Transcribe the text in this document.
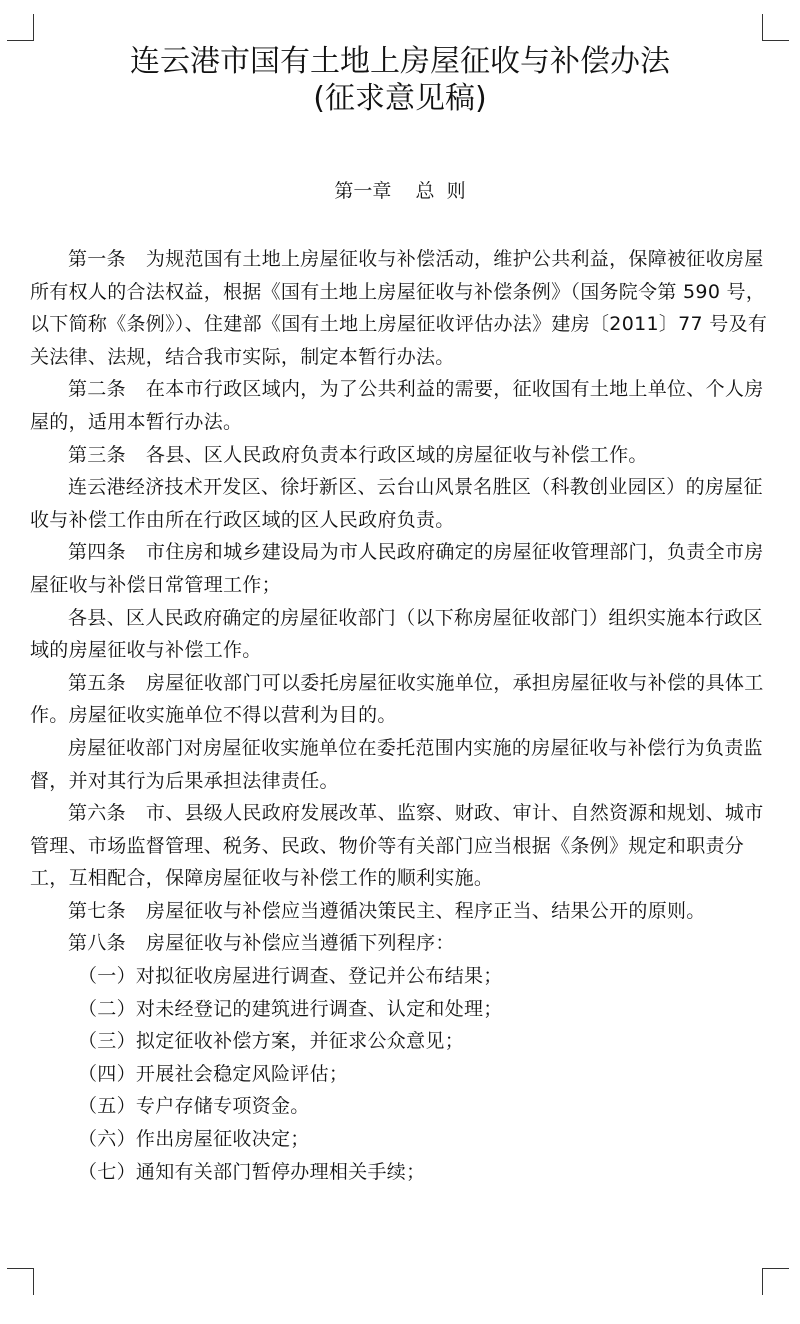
连云港市国有土地上房屋征收与补偿办法
(征求意见稿)
第一章    总  则

第一条 为规范国有土地上房屋征收与补偿活动，维护公共利益，保障被征收房屋所有权人的合法权益，根据《国有土地上房屋征收与补偿条例》（国务院令第 590 号，以下简称《条例》）、住建部《国有土地上房屋征收评估办法》建房〔2011〕77 号及有关法律、法规，结合我市实际，制定本暂行办法。

第二条 在本市行政区域内，为了公共利益的需要，征收国有土地上单位、个人房屋的，适用本暂行办法。

第三条 各县、区人民政府负责本行政区域的房屋征收与补偿工作。

连云港经济技术开发区、徐圩新区、云台山风景名胜区（科教创业园区）的房屋征收与补偿工作由所在行政区域的区人民政府负责。

第四条 市住房和城乡建设局为市人民政府确定的房屋征收管理部门，负责全市房屋征收与补偿日常管理工作；

各县、区人民政府确定的房屋征收部门（以下称房屋征收部门）组织实施本行政区域的房屋征收与补偿工作。

第五条 房屋征收部门可以委托房屋征收实施单位，承担房屋征收与补偿的具体工作。房屋征收实施单位不得以营利为目的。

房屋征收部门对房屋征收实施单位在委托范围内实施的房屋征收与补偿行为负责监督，并对其行为后果承担法律责任。

第六条 市、县级人民政府发展改革、监察、财政、审计、自然资源和规划、城市管理、市场监督管理、税务、民政、物价等有关部门应当根据《条例》规定和职责分工，互相配合，保障房屋征收与补偿工作的顺利实施。

第七条 房屋征收与补偿应当遵循决策民主、程序正当、结果公开的原则。

第八条 房屋征收与补偿应当遵循下列程序：

（一）对拟征收房屋进行调查、登记并公布结果；

（二）对未经登记的建筑进行调查、认定和处理；

（三）拟定征收补偿方案，并征求公众意见；

（四）开展社会稳定风险评估；

（五）专户存储专项资金。

（六）作出房屋征收决定；

（七）通知有关部门暂停办理相关手续；
